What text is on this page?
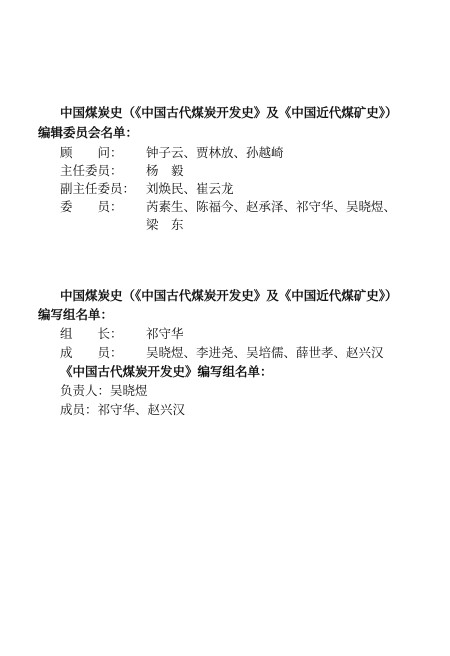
中国煤炭史（《中国古代煤炭开发史》及《中国近代煤矿史》）
编辑委员会名单：
顾　　问： 钟子云、贾林放、孙越崎
主任委员： 杨　毅
副主任委员： 刘焕民、崔云龙
委　　员： 芮素生、陈福今、赵承泽、祁守华、吴晓煜、
梁　东
中国煤炭史（《中国古代煤炭开发史》及《中国近代煤矿史》）
编写组名单：
组　　长： 祁守华
成　　员： 吴晓煜、李进尧、吴培儒、薛世孝、赵兴汉
《中国古代煤炭开发史》编写组名单：
负责人：吴晓煜
成员：祁守华、赵兴汉
